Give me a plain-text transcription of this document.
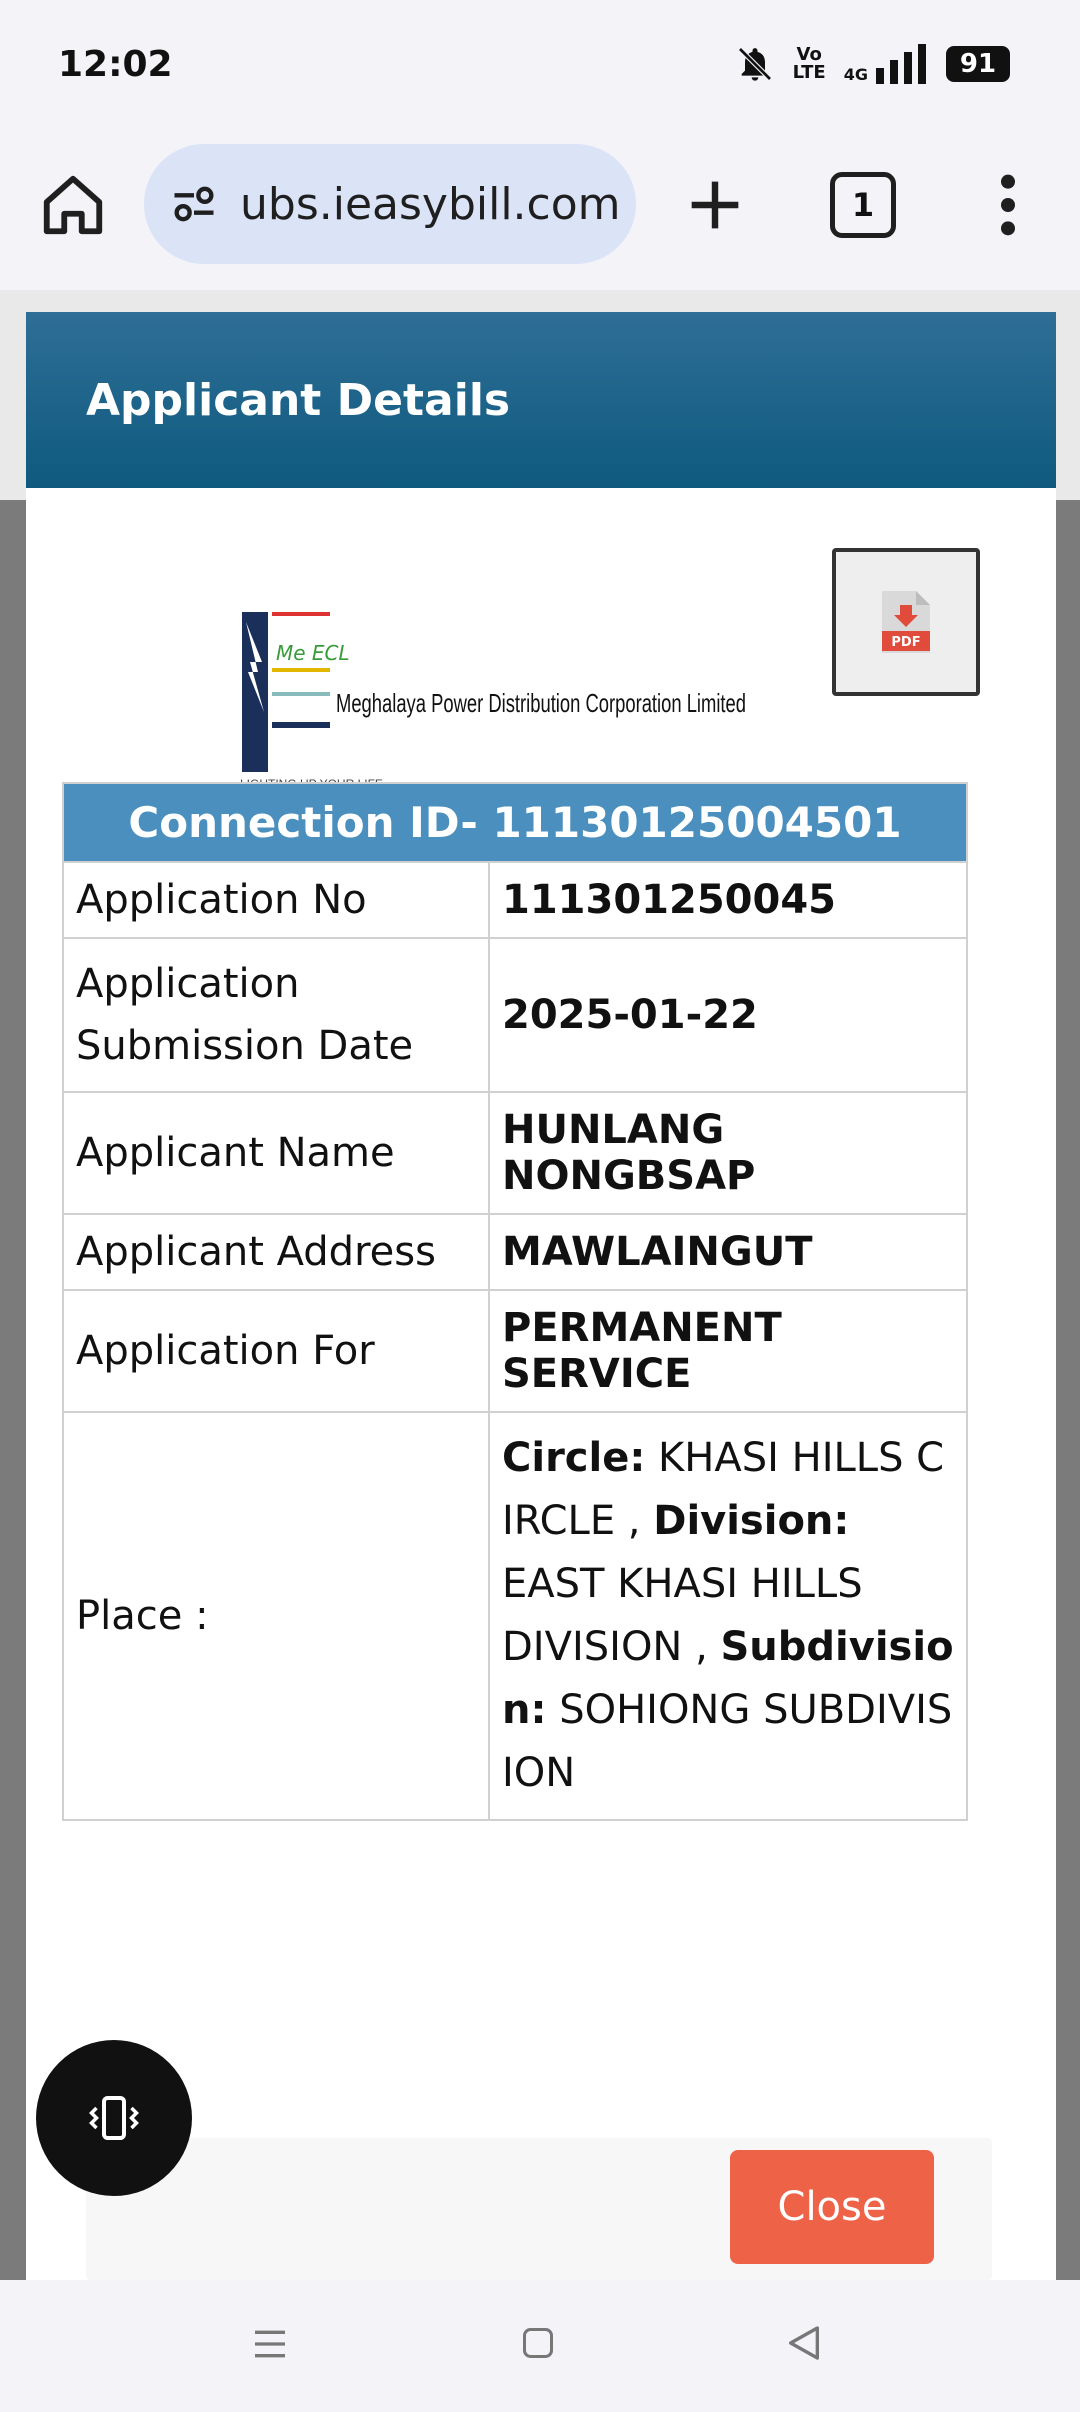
12:02	Vo
LTE 4G	91
ubs.ieasybill.com	1
Applicant Details
Me ECL
Meghalaya Power Distribution Corporation Limited
PDF
Connection ID- 11130125004501	
Application No	111301250045
Application Submission Date	2025-01-22
Applicant Name	HUNLANG NONGBSAP
Applicant Address	MAWLAINGUT
Application For	PERMANENT SERVICE
Place :	Circle: KHASI HILLS CIRCLE , Division: EAST KHASI HILLS DIVISION , Subdivision: SOHIONG SUBDIVISION
Close
